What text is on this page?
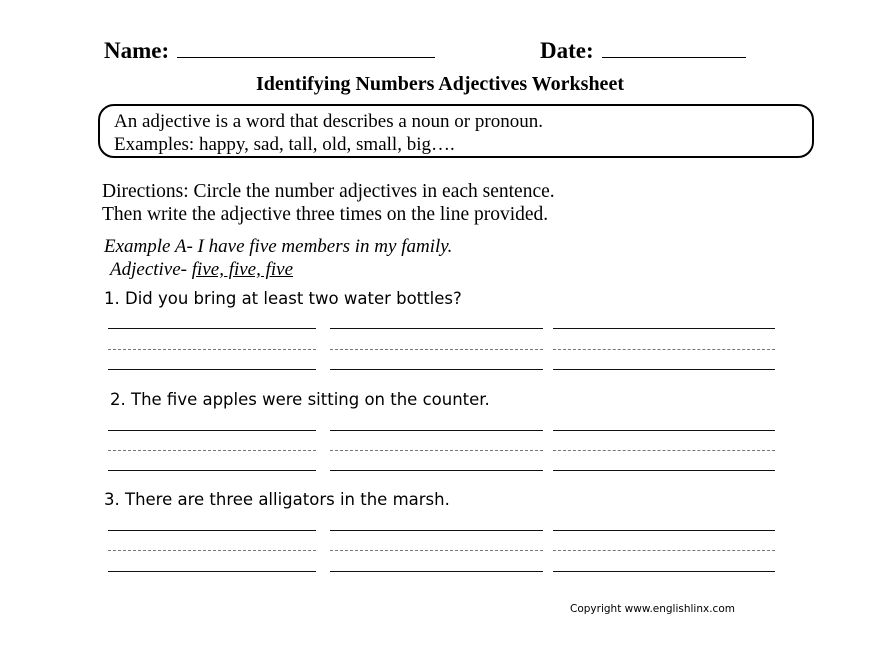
Name:	Date:
Identifying Numbers Adjectives Worksheet
An adjective is a word that describes a noun or pronoun.
Examples: happy, sad, tall, old, small, big….
Directions: Circle the number adjectives in each sentence.
Then write the adjective three times on the line provided.
Example A- I have five members in my family.
Adjective- five, five, five
1. Did you bring at least two water bottles?
2. The five apples were sitting on the counter.
3. There are three alligators in the marsh.
Copyright www.englishlinx.com
